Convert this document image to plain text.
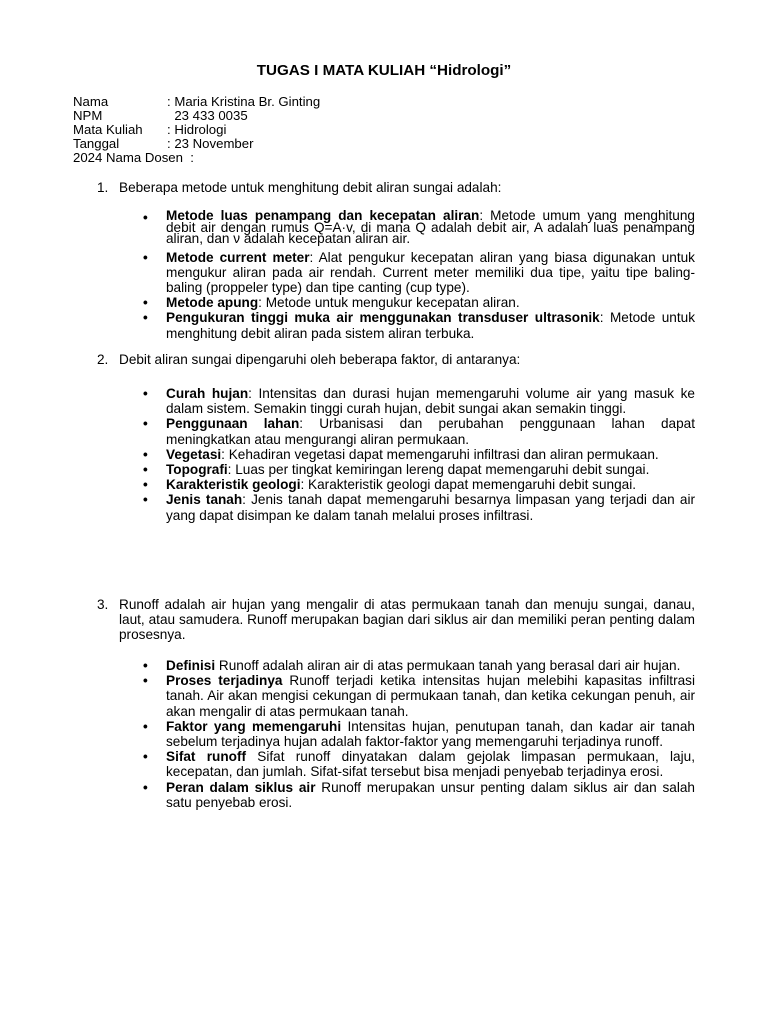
TUGAS I MATA KULIAH “Hidrologi”
Nama	: Maria Kristina Br. Ginting
NPM	23 433 0035
Mata Kuliah : Hidrologi
Tanggal	: 23 November
2024 Nama Dosen  :
1. Beberapa metode untuk menghitung debit aliran sungai adalah:
• Metode luas penampang dan kecepatan aliran: Metode umum yang menghitung debit air dengan rumus Q=A·v, di mana Q adalah debit air, A adalah luas penampang aliran, dan ν adalah kecepatan aliran air.
• Metode current meter: Alat pengukur kecepatan aliran yang biasa digunakan untuk mengukur aliran pada air rendah. Current meter memiliki dua tipe, yaitu tipe baling-baling (proppeler type) dan tipe canting (cup type).
• Metode apung: Metode untuk mengukur kecepatan aliran.
• Pengukuran tinggi muka air menggunakan transduser ultrasonik: Metode untuk menghitung debit aliran pada sistem aliran terbuka.
2. Debit aliran sungai dipengaruhi oleh beberapa faktor, di antaranya:
• Curah hujan: Intensitas dan durasi hujan memengaruhi volume air yang masuk ke dalam sistem. Semakin tinggi curah hujan, debit sungai akan semakin tinggi.
• Penggunaan lahan: Urbanisasi dan perubahan penggunaan lahan dapat meningkatkan atau mengurangi aliran permukaan.
• Vegetasi: Kehadiran vegetasi dapat memengaruhi infiltrasi dan aliran permukaan.
• Topografi: Luas per tingkat kemiringan lereng dapat memengaruhi debit sungai.
• Karakteristik geologi: Karakteristik geologi dapat memengaruhi debit sungai.
• Jenis tanah: Jenis tanah dapat memengaruhi besarnya limpasan yang terjadi dan air yang dapat disimpan ke dalam tanah melalui proses infiltrasi.
3. Runoff adalah air hujan yang mengalir di atas permukaan tanah dan menuju sungai, danau, laut, atau samudera. Runoff merupakan bagian dari siklus air dan memiliki peran penting dalam prosesnya.
• Definisi Runoff adalah aliran air di atas permukaan tanah yang berasal dari air hujan.
• Proses terjadinya Runoff terjadi ketika intensitas hujan melebihi kapasitas infiltrasi tanah. Air akan mengisi cekungan di permukaan tanah, dan ketika cekungan penuh, air akan mengalir di atas permukaan tanah.
• Faktor yang memengaruhi Intensitas hujan, penutupan tanah, dan kadar air tanah sebelum terjadinya hujan adalah faktor-faktor yang memengaruhi terjadinya runoff.
• Sifat runoff Sifat runoff dinyatakan dalam gejolak limpasan permukaan, laju, kecepatan, dan jumlah. Sifat-sifat tersebut bisa menjadi penyebab terjadinya erosi.
• Peran dalam siklus air Runoff merupakan unsur penting dalam siklus air dan salah satu penyebab erosi.
